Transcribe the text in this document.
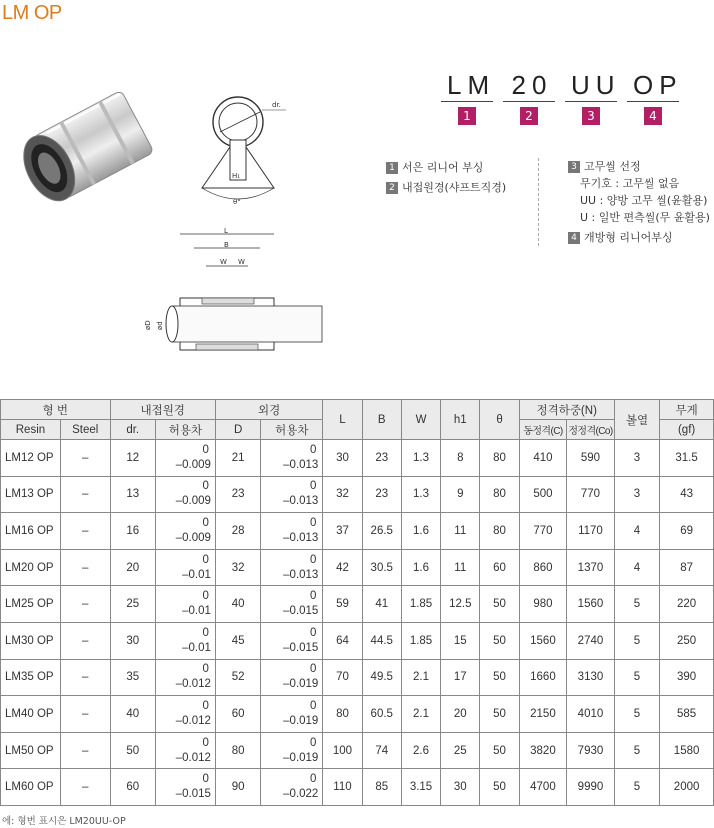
LM OP
dr.
H₁
θ°
L
B
W W
øD ød
LM
1
20
2
UU
3
OP
4
1 서은 리니어 부싱
2 내접원경(샤프트직경)
3 고무씰 선정
무기호 : 고무씰 없음
UU : 양방 고무 씰(윤활용)
U : 일반 편측씰(무 윤활용)
4 개방형 리니어부싱
형 번		내접원경		외경		L	B	W	h1	θ	정격하중(N)		볼열	무게
Resin	Steel	dr.	허용차	D	허용차						동정격(C)	정정격(Co)		(gf)
LM12 OP	–	12	0
–0.009	21	0
–0.013	30	23	1.3	8	80	410	590	3	31.5
LM13 OP	–	13	0
–0.009	23	0
–0.013	32	23	1.3	9	80	500	770	3	43
LM16 OP	–	16	0
–0.009	28	0
–0.013	37	26.5	1.6	11	80	770	1170	4	69
LM20 OP	–	20	0
–0.01	32	0
–0.013	42	30.5	1.6	11	60	860	1370	4	87
LM25 OP	–	25	0
–0.01	40	0
–0.015	59	41	1.85	12.5	50	980	1560	5	220
LM30 OP	–	30	0
–0.01	45	0
–0.015	64	44.5	1.85	15	50	1560	2740	5	250
LM35 OP	–	35	0
–0.012	52	0
–0.019	70	49.5	2.1	17	50	1660	3130	5	390
LM40 OP	–	40	0
–0.012	60	0
–0.019	80	60.5	2.1	20	50	2150	4010	5	585
LM50 OP	–	50	0
–0.012	80	0
–0.019	100	74	2.6	25	50	3820	7930	5	1580
LM60 OP	–	60	0
–0.015	90	0
–0.022	110	85	3.15	30	50	4700	9990	5	2000
에: 형번 표시은 LM20UU-OP
